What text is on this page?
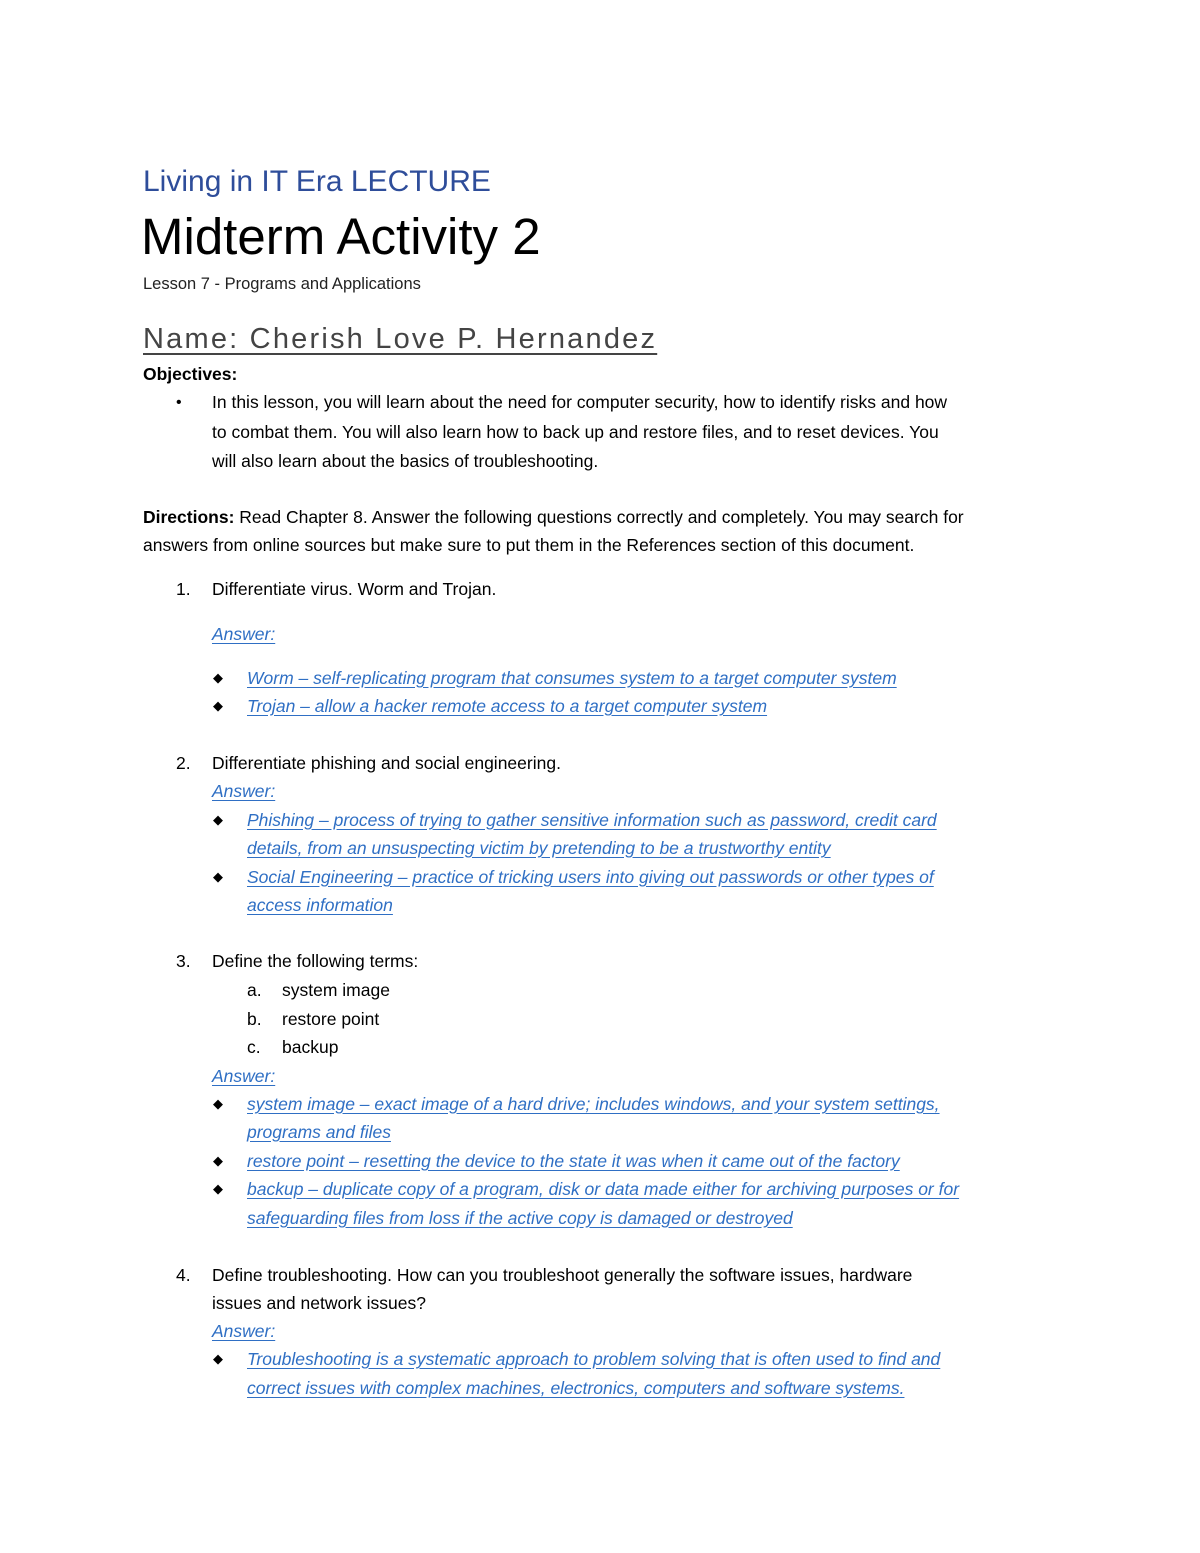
Living in IT Era LECTURE
Midterm Activity 2
Lesson 7 - Programs and Applications
Name: Cherish Love P. Hernandez
Objectives:
• In this lesson, you will learn about the need for computer security, how to identify risks and how
to combat them. You will also learn how to back up and restore files, and to reset devices. You
will also learn about the basics of troubleshooting.
Directions: Read Chapter 8. Answer the following questions correctly and completely. You may search for
answers from online sources but make sure to put them in the References section of this document.
1. Differentiate virus. Worm and Trojan.
Answer:
◆ Worm – self-replicating program that consumes system to a target computer system
◆ Trojan – allow a hacker remote access to a target computer system
2. Differentiate phishing and social engineering.
Answer:
◆ Phishing – process of trying to gather sensitive information such as password, credit card
details, from an unsuspecting victim by pretending to be a trustworthy entity
◆ Social Engineering – practice of tricking users into giving out passwords or other types of
access information
3. Define the following terms:
a. system image
b. restore point
c. backup
Answer:
◆ system image – exact image of a hard drive; includes windows, and your system settings,
programs and files
◆ restore point – resetting the device to the state it was when it came out of the factory
◆ backup – duplicate copy of a program, disk or data made either for archiving purposes or for
safeguarding files from loss if the active copy is damaged or destroyed
4. Define troubleshooting. How can you troubleshoot generally the software issues, hardware
issues and network issues?
Answer:
◆ Troubleshooting is a systematic approach to problem solving that is often used to find and
correct issues with complex machines, electronics, computers and software systems.
